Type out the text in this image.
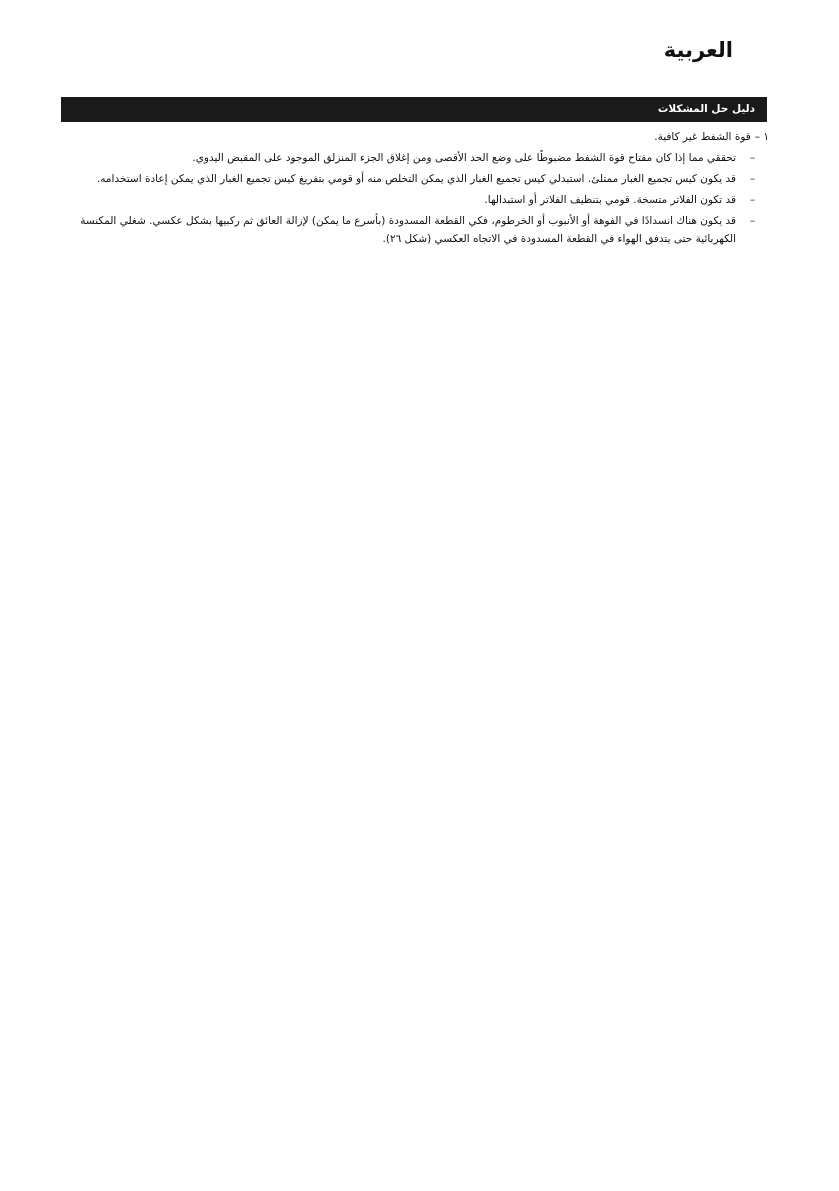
العربية
دليل حل المشكلات
١ –
قوة الشفط غير كافية.
–
تحققي مما إذا كان مفتاح قوة الشفط مضبوطًا على وضع الحد الأقصى ومن إغلاق الجزء المنزلق الموجود على المقبض اليدوي.
–
قد يكون كيس تجميع الغبار ممتلئ. استبدلي كيس تجميع الغبار الذي يمكن التخلص منه أو قومي بتفريغ كيس تجميع الغبار الذي يمكن إعادة استخدامه.
–
قد تكون الفلاتر متسخة. قومي بتنظيف الفلاتر أو استبدالها.
–
قد يكون هناك انسدادًا في الفوهة أو الأنبوب أو الخرطوم، فكي القطعة المسدودة (بأسرع ما يمكن) لإزالة العائق ثم ركبيها بشكل عكسي. شغلي المكنسة الكهربائية حتى يتدفق الهواء في القطعة المسدودة في الاتجاه العكسي (شكل ٢٦).
